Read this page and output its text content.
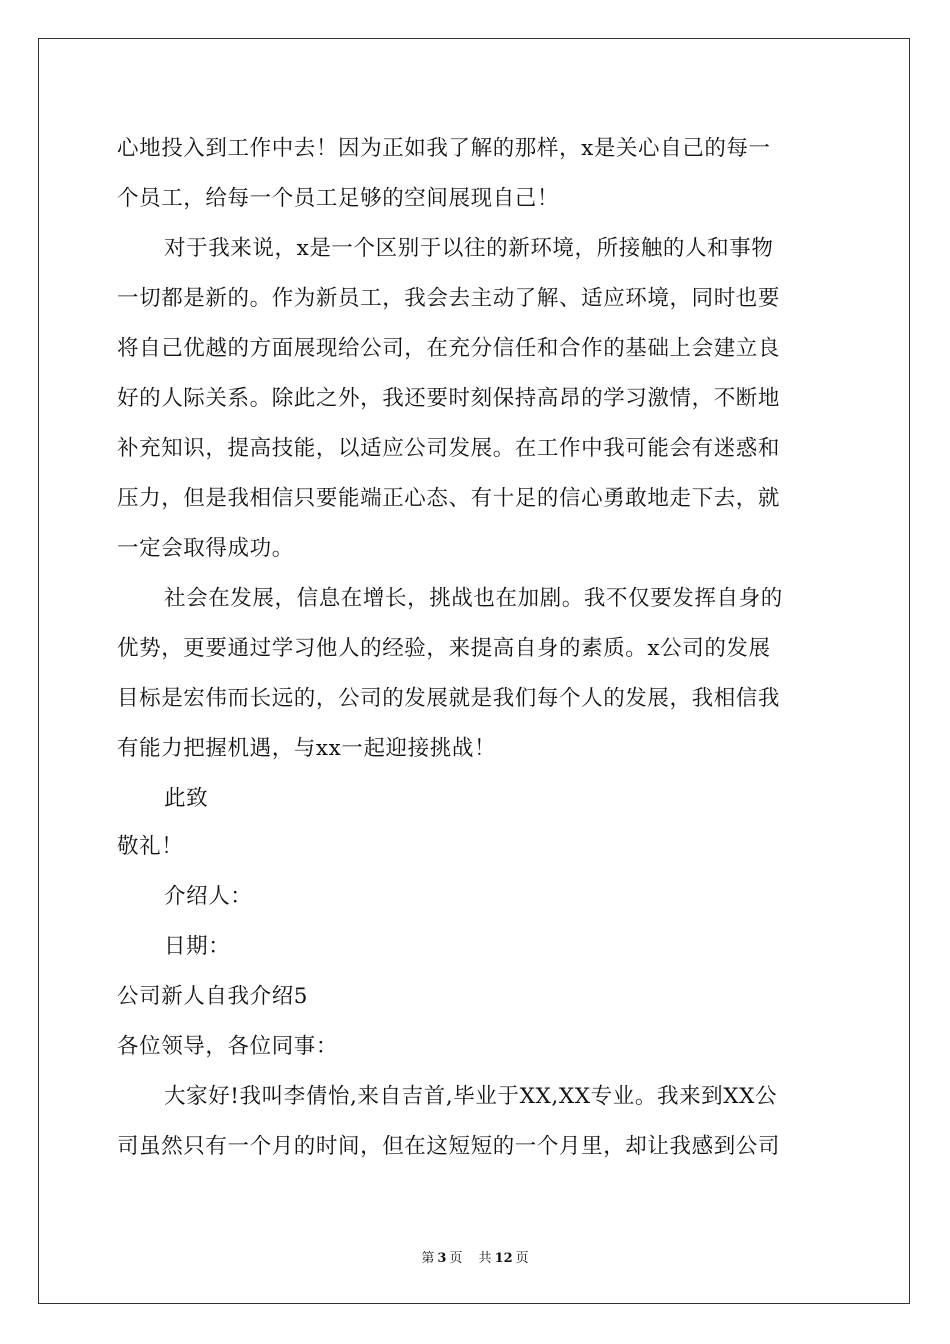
心地投入到工作中去！因为正如我了解的那样，x是关心自己的每一

个员工，给每一个员工足够的空间展现自己！

对于我来说，x是一个区别于以往的新环境，所接触的人和事物

一切都是新的。作为新员工，我会去主动了解、适应环境，同时也要

将自己优越的方面展现给公司，在充分信任和合作的基础上会建立良

好的人际关系。除此之外，我还要时刻保持高昂的学习激情，不断地

补充知识，提高技能，以适应公司发展。在工作中我可能会有迷惑和

压力，但是我相信只要能端正心态、有十足的信心勇敢地走下去，就

一定会取得成功。

社会在发展，信息在增长，挑战也在加剧。我不仅要发挥自身的

优势，更要通过学习他人的经验，来提高自身的素质。x公司的发展

目标是宏伟而长远的，公司的发展就是我们每个人的发展，我相信我

有能力把握机遇，与xx一起迎接挑战！

此致

敬礼！

介绍人：

日期：

公司新人自我介绍5

各位领导，各位同事：

大家好!我叫李倩怡,来自吉首,毕业于XX,XX专业。我来到XX公

司虽然只有一个月的时间，但在这短短的一个月里，却让我感到公司

第 3 页 共 12 页
